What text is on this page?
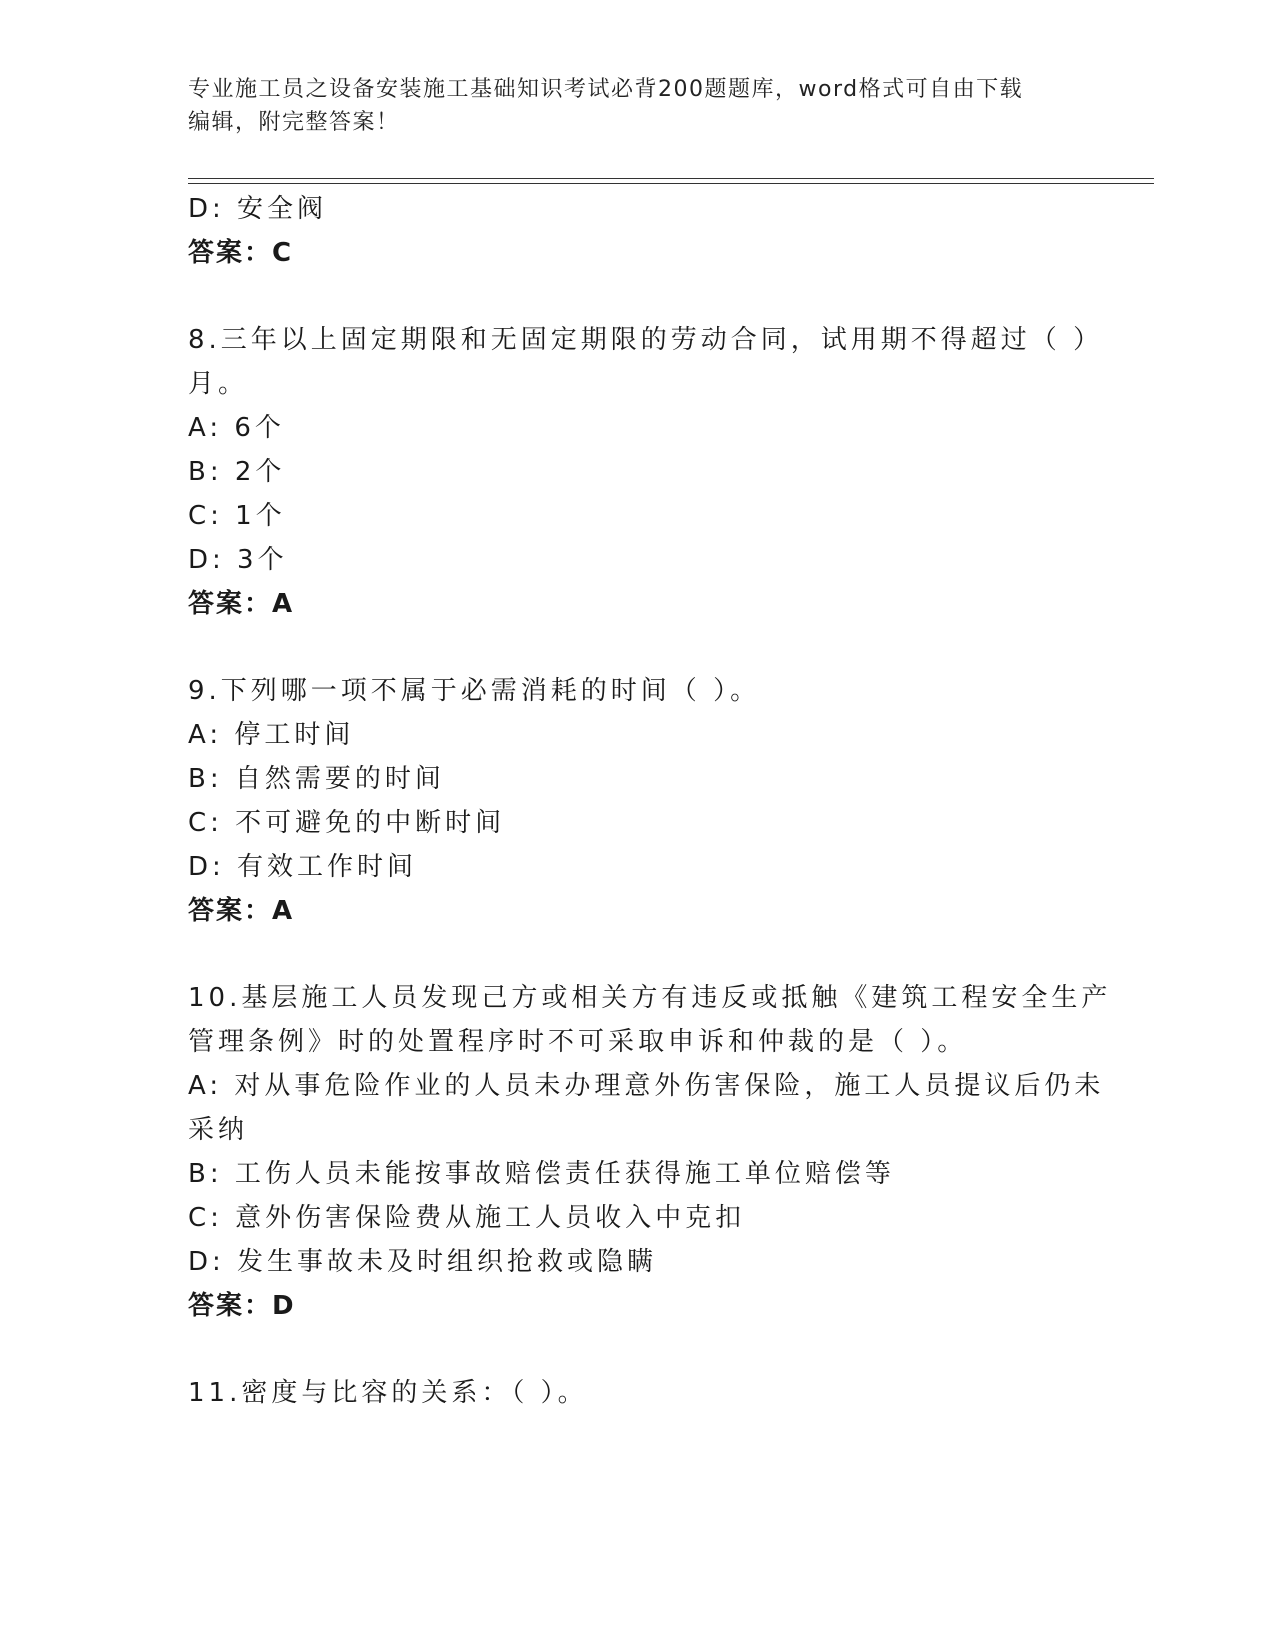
专业施工员之设备安装施工基础知识考试必背200题题库，word格式可自由下载
编辑，附完整答案！
D: 安全阀
答案：C
8.三年以上固定期限和无固定期限的劳动合同，试用期不得超过（ ）
月。
A: 6个
B: 2个
C: 1个
D: 3个
答案：A
9.下列哪一项不属于必需消耗的时间（ ）。
A: 停工时间
B: 自然需要的时间
C: 不可避免的中断时间
D: 有效工作时间
答案：A
10.基层施工人员发现己方或相关方有违反或抵触《建筑工程安全生产
管理条例》时的处置程序时不可采取申诉和仲裁的是（ ）。
A: 对从事危险作业的人员未办理意外伤害保险，施工人员提议后仍未
采纳
B: 工伤人员未能按事故赔偿责任获得施工单位赔偿等
C: 意外伤害保险费从施工人员收入中克扣
D: 发生事故未及时组织抢救或隐瞒
答案：D
11.密度与比容的关系：（ ）。
